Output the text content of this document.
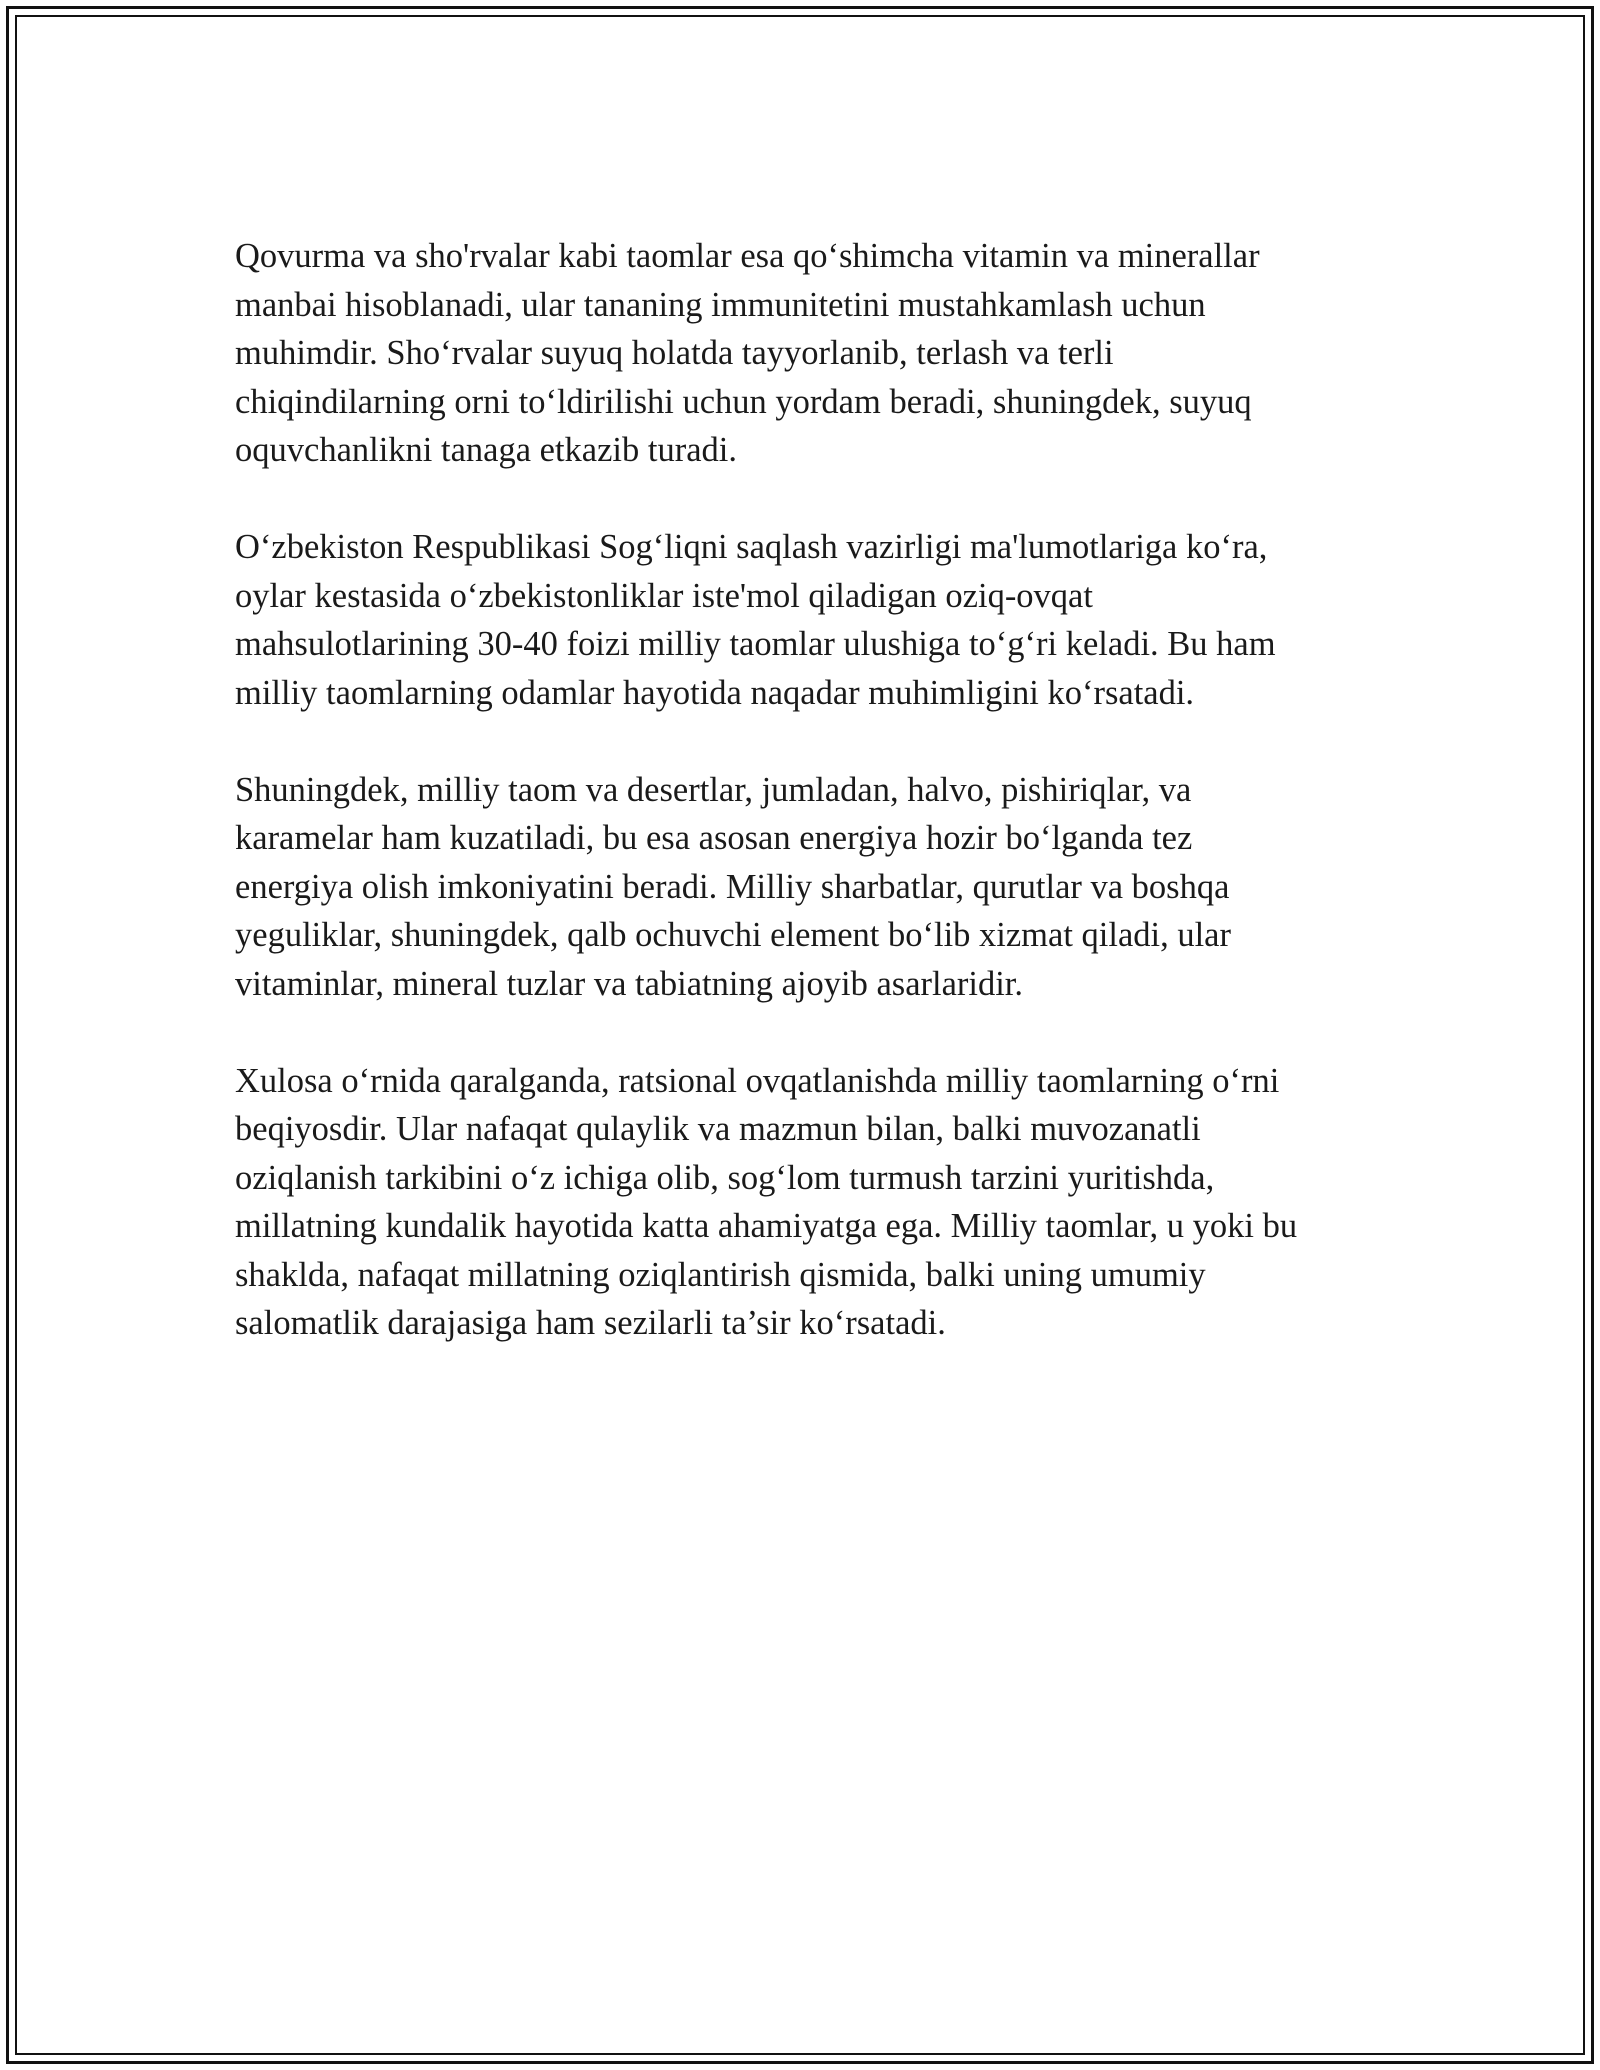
Qovurma va sho'rvalar kabi taomlar esa qo‘shimcha vitamin va minerallar
manbai hisoblanadi, ular tananing immunitetini mustahkamlash uchun
muhimdir. Sho‘rvalar suyuq holatda tayyorlanib, terlash va terli
chiqindilarning orni to‘ldirilishi uchun yordam beradi, shuningdek, suyuq
oquvchanlikni tanaga etkazib turadi.

O‘zbekiston Respublikasi Sog‘liqni saqlash vazirligi ma'lumotlariga ko‘ra,
oylar kestasida o‘zbekistonliklar iste'mol qiladigan oziq-ovqat
mahsulotlarining 30-40 foizi milliy taomlar ulushiga to‘g‘ri keladi. Bu ham
milliy taomlarning odamlar hayotida naqadar muhimligini ko‘rsatadi.

Shuningdek, milliy taom va desertlar, jumladan, halvo, pishiriqlar, va
karamelar ham kuzatiladi, bu esa asosan energiya hozir bo‘lganda tez
energiya olish imkoniyatini beradi. Milliy sharbatlar, qurutlar va boshqa
yeguliklar, shuningdek, qalb ochuvchi element bo‘lib xizmat qiladi, ular
vitaminlar, mineral tuzlar va tabiatning ajoyib asarlaridir.

Xulosa o‘rnida qaralganda, ratsional ovqatlanishda milliy taomlarning o‘rni
beqiyosdir. Ular nafaqat qulaylik va mazmun bilan, balki muvozanatli
oziqlanish tarkibini o‘z ichiga olib, sog‘lom turmush tarzini yuritishda,
millatning kundalik hayotida katta ahamiyatga ega. Milliy taomlar, u yoki bu
shaklda, nafaqat millatning oziqlantirish qismida, balki uning umumiy
salomatlik darajasiga ham sezilarli ta’sir ko‘rsatadi.
